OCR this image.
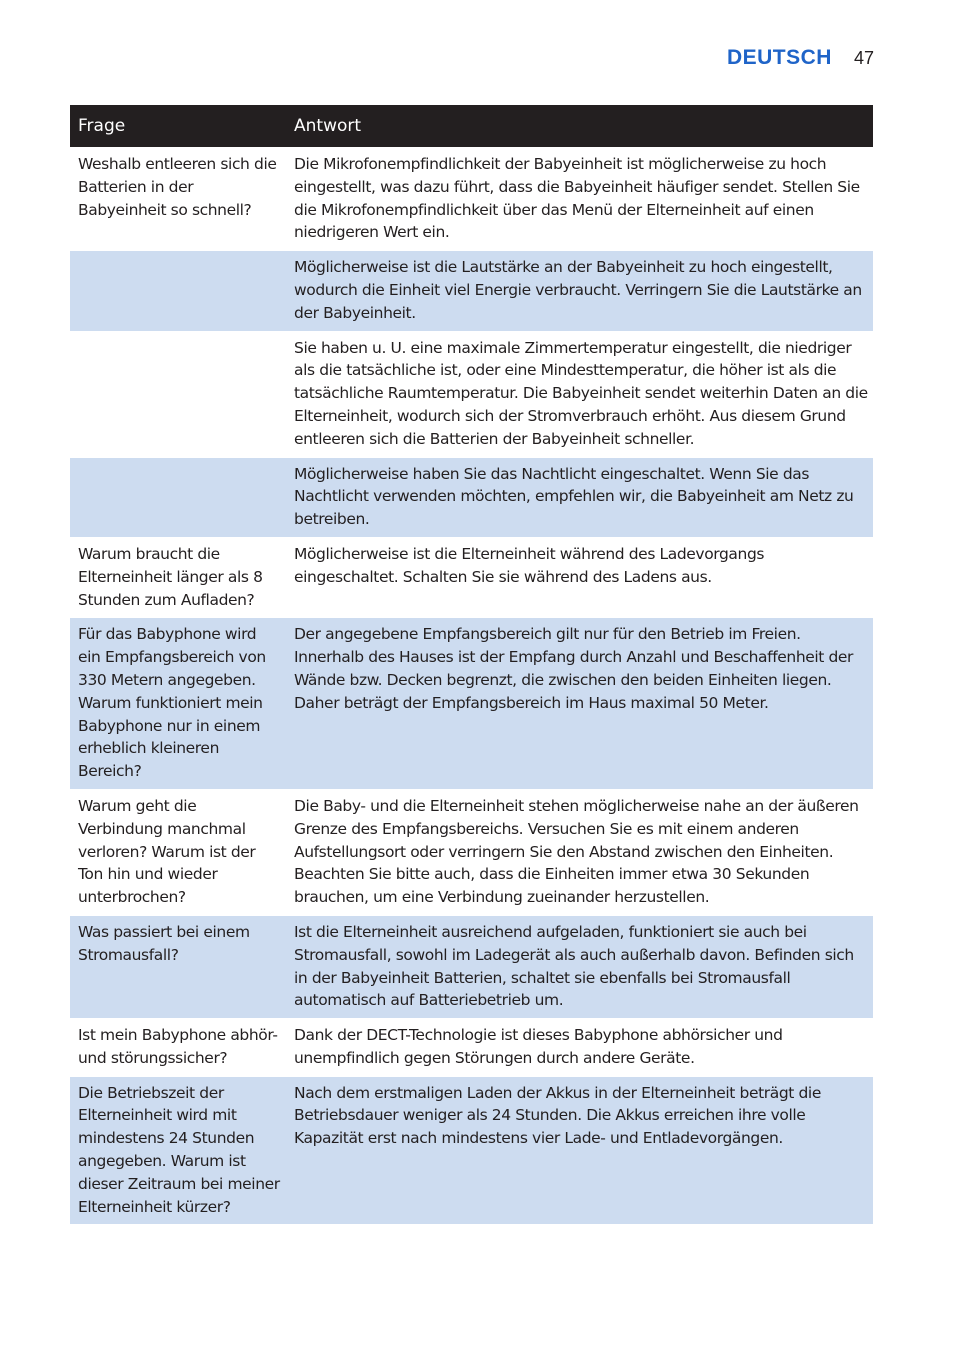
DEUTSCH 47
Frage	Antwort
Weshalb entleeren sich die Batterien in der Babyeinheit so schnell?	Die Mikrofonempfindlichkeit der Babyeinheit ist möglicherweise zu hoch eingestellt, was dazu führt, dass die Babyeinheit häufiger sendet. Stellen Sie die Mikrofonempfindlichkeit über das Menü der Elterneinheit auf einen niedrigeren Wert ein.
	Möglicherweise ist die Lautstärke an der Babyeinheit zu hoch eingestellt, wodurch die Einheit viel Energie verbraucht. Verringern Sie die Lautstärke an der Babyeinheit.
	Sie haben u. U. eine maximale Zimmertemperatur eingestellt, die niedriger als die tatsächliche ist, oder eine Mindesttemperatur, die höher ist als die tatsächliche Raumtemperatur. Die Babyeinheit sendet weiterhin Daten an die Elterneinheit, wodurch sich der Stromverbrauch erhöht. Aus diesem Grund entleeren sich die Batterien der Babyeinheit schneller.
	Möglicherweise haben Sie das Nachtlicht eingeschaltet. Wenn Sie das Nachtlicht verwenden möchten, empfehlen wir, die Babyeinheit am Netz zu betreiben.
Warum braucht die Elterneinheit länger als 8 Stunden zum Aufladen?	Möglicherweise ist die Elterneinheit während des Ladevorgangs eingeschaltet. Schalten Sie sie während des Ladens aus.
Für das Babyphone wird ein Empfangsbereich von 330 Metern angegeben. Warum funktioniert mein Babyphone nur in einem erheblich kleineren Bereich?	Der angegebene Empfangsbereich gilt nur für den Betrieb im Freien. Innerhalb des Hauses ist der Empfang durch Anzahl und Beschaffenheit der Wände bzw. Decken begrenzt, die zwischen den beiden Einheiten liegen. Daher beträgt der Empfangsbereich im Haus maximal 50 Meter.
Warum geht die Verbindung manchmal verloren? Warum ist der Ton hin und wieder unterbrochen?	Die Baby- und die Elterneinheit stehen möglicherweise nahe an der äußeren Grenze des Empfangsbereichs. Versuchen Sie es mit einem anderen Aufstellungsort oder verringern Sie den Abstand zwischen den Einheiten. Beachten Sie bitte auch, dass die Einheiten immer etwa 30 Sekunden brauchen, um eine Verbindung zueinander herzustellen.
Was passiert bei einem Stromausfall?	Ist die Elterneinheit ausreichend aufgeladen, funktioniert sie auch bei Stromausfall, sowohl im Ladegerät als auch außerhalb davon. Befinden sich in der Babyeinheit Batterien, schaltet sie ebenfalls bei Stromausfall automatisch auf Batteriebetrieb um.
Ist mein Babyphone abhör- und störungssicher?	Dank der DECT-Technologie ist dieses Babyphone abhörsicher und unempfindlich gegen Störungen durch andere Geräte.
Die Betriebszeit der Elterneinheit wird mit mindestens 24 Stunden angegeben. Warum ist dieser Zeitraum bei meiner Elterneinheit kürzer?	Nach dem erstmaligen Laden der Akkus in der Elterneinheit beträgt die Betriebsdauer weniger als 24 Stunden. Die Akkus erreichen ihre volle Kapazität erst nach mindestens vier Lade- und Entladevorgängen.
